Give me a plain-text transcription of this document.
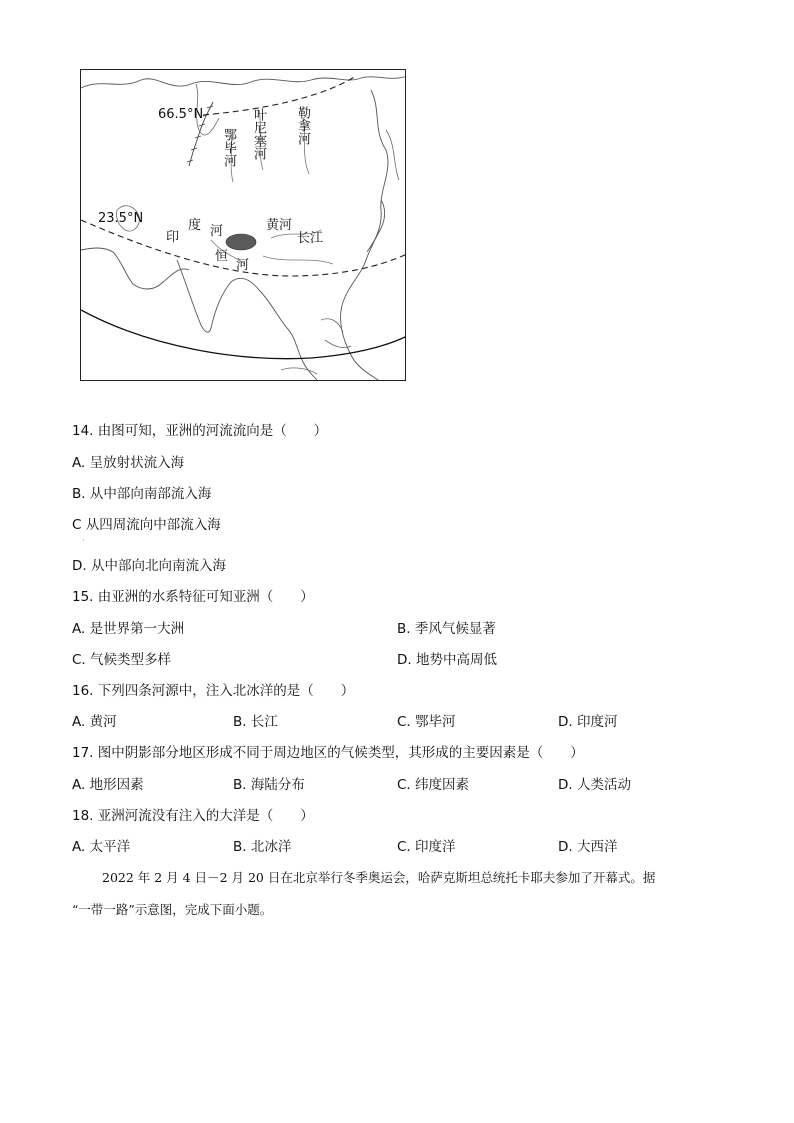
66.5°N
23.5°N
叶尼塞河
鄂毕河
勒拿河
印
度 河
恒
河
黄河
长江
14. 由图可知，亚洲的河流流向是（　　）
A. 呈放射状流入海
B. 从中部向南部流入海
C 从四周流向中部流入海
·
D. 从中部向北向南流入海
15. 由亚洲的水系特征可知亚洲（　　）
A. 是世界第一大洲	B. 季风气候显著
C. 气候类型多样	D. 地势中高周低
16. 下列四条河源中，注入北冰洋的是（　　）
A. 黄河	B. 长江	C. 鄂毕河	D. 印度河
17. 图中阴影部分地区形成不同于周边地区的气候类型，其形成的主要因素是（　　）
A. 地形因素	B. 海陆分布	C. 纬度因素	D. 人类活动
18. 亚洲河流没有注入的大洋是（　　）
A. 太平洋	B. 北冰洋	C. 印度洋	D. 大西洋
2022 年 2 月 4 日－2 月 20 日在北京举行冬季奥运会，哈萨克斯坦总统托卡耶夫参加了开幕式。据
“一带一路”示意图，完成下面小题。
